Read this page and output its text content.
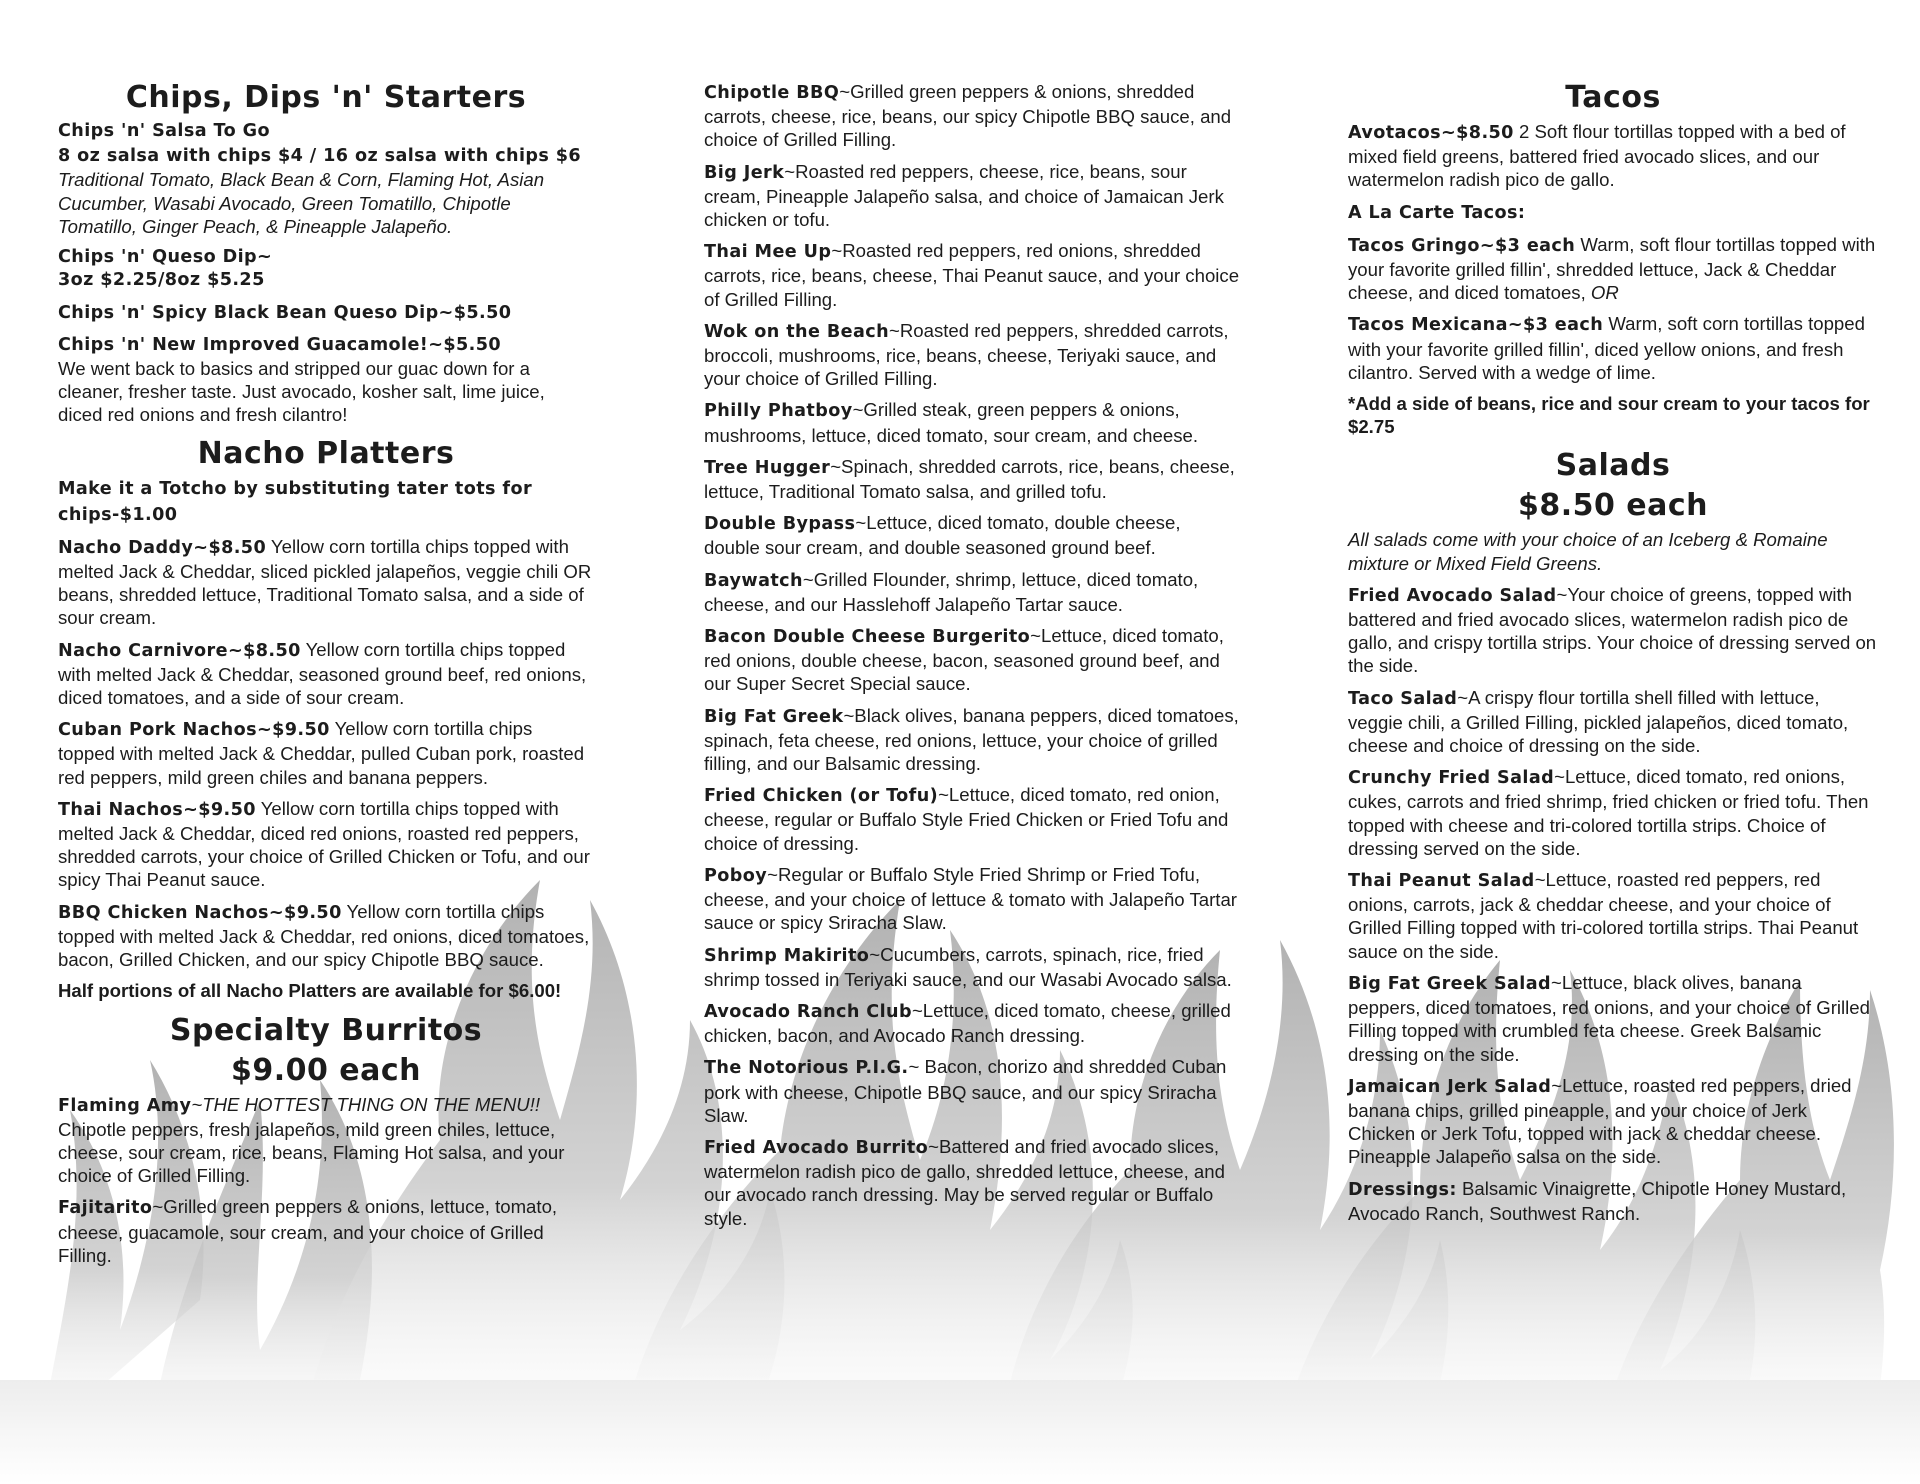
Chips, Dips 'n' Starters
Chips 'n' Salsa To Go
8 oz salsa with chips $4 / 16 oz salsa with chips $6 Traditional Tomato, Black Bean & Corn, Flaming Hot, Asian Cucumber, Wasabi Avocado, Green Tomatillo, Chipotle Tomatillo, Ginger Peach, & Pineapple Jalapeño.
Chips 'n' Queso Dip~
3oz $2.25/8oz $5.25
Chips 'n' Spicy Black Bean Queso Dip~$5.50
Chips 'n' New Improved Guacamole!~$5.50
We went back to basics and stripped our guac down for a cleaner, fresher taste. Just avocado, kosher salt, lime juice, diced red onions and fresh cilantro!
Nacho Platters
Make it a Totcho by substituting tater tots for chips-$1.00
Nacho Daddy~$8.50 Yellow corn tortilla chips topped with melted Jack & Cheddar, sliced pickled jalapeños, veggie chili OR beans, shredded lettuce, Traditional Tomato salsa, and a side of sour cream.
Nacho Carnivore~$8.50 Yellow corn tortilla chips topped with melted Jack & Cheddar, seasoned ground beef, red onions, diced tomatoes, and a side of sour cream.
Cuban Pork Nachos~$9.50 Yellow corn tortilla chips topped with melted Jack & Cheddar, pulled Cuban pork, roasted red peppers, mild green chiles and banana peppers.
Thai Nachos~$9.50 Yellow corn tortilla chips topped with melted Jack & Cheddar, diced red onions, roasted red peppers, shredded carrots, your choice of Grilled Chicken or Tofu, and our spicy Thai Peanut sauce.
BBQ Chicken Nachos~$9.50 Yellow corn tortilla chips topped with melted Jack & Cheddar, red onions, diced tomatoes, bacon, Grilled Chicken, and our spicy Chipotle BBQ sauce.
Half portions of all Nacho Platters are available for $6.00!
Specialty Burritos
$9.00 each
Flaming Amy~THE HOTTEST THING ON THE MENU!! Chipotle peppers, fresh jalapeños, mild green chiles, lettuce, cheese, sour cream, rice, beans, Flaming Hot salsa, and your choice of Grilled Filling.
Fajitarito~Grilled green peppers & onions, lettuce, tomato, cheese, guacamole, sour cream, and your choice of Grilled Filling.
Chipotle BBQ~Grilled green peppers & onions, shredded carrots, cheese, rice, beans, our spicy Chipotle BBQ sauce, and choice of Grilled Filling.
Big Jerk~Roasted red peppers, cheese, rice, beans, sour cream, Pineapple Jalapeño salsa, and choice of Jamaican Jerk chicken or tofu.
Thai Mee Up~Roasted red peppers, red onions, shredded carrots, rice, beans, cheese, Thai Peanut sauce, and your choice of Grilled Filling.
Wok on the Beach~Roasted red peppers, shredded carrots, broccoli, mushrooms, rice, beans, cheese, Teriyaki sauce, and your choice of Grilled Filling.
Philly Phatboy~Grilled steak, green peppers & onions, mushrooms, lettuce, diced tomato, sour cream, and cheese.
Tree Hugger~Spinach, shredded carrots, rice, beans, cheese, lettuce, Traditional Tomato salsa, and grilled tofu.
Double Bypass~Lettuce, diced tomato, double cheese, double sour cream, and double seasoned ground beef.
Baywatch~Grilled Flounder, shrimp, lettuce, diced tomato, cheese, and our Hasslehoff Jalapeño Tartar sauce.
Bacon Double Cheese Burgerito~Lettuce, diced tomato, red onions, double cheese, bacon, seasoned ground beef, and our Super Secret Special sauce.
Big Fat Greek~Black olives, banana peppers, diced tomatoes, spinach, feta cheese, red onions, lettuce, your choice of grilled filling, and our Balsamic dressing.
Fried Chicken (or Tofu)~Lettuce, diced tomato, red onion, cheese, regular or Buffalo Style Fried Chicken or Fried Tofu and choice of dressing.
Poboy~Regular or Buffalo Style Fried Shrimp or Fried Tofu, cheese, and your choice of lettuce & tomato with Jalapeño Tartar sauce or spicy Sriracha Slaw.
Shrimp Makirito~Cucumbers, carrots, spinach, rice, fried shrimp tossed in Teriyaki sauce, and our Wasabi Avocado salsa.
Avocado Ranch Club~Lettuce, diced tomato, cheese, grilled chicken, bacon, and Avocado Ranch dressing.
The Notorious P.I.G.~ Bacon, chorizo and shredded Cuban pork with cheese, Chipotle BBQ sauce, and our spicy Sriracha Slaw.
Fried Avocado Burrito~Battered and fried avocado slices, watermelon radish pico de gallo, shredded lettuce, cheese, and our avocado ranch dressing. May be served regular or Buffalo style.
Tacos
Avotacos~$8.50 2 Soft flour tortillas topped with a bed of mixed field greens, battered fried avocado slices, and our watermelon radish pico de gallo.
A La Carte Tacos:
Tacos Gringo~$3 each Warm, soft flour tortillas topped with your favorite grilled fillin', shredded lettuce, Jack & Cheddar cheese, and diced tomatoes, OR
Tacos Mexicana~$3 each Warm, soft corn tortillas topped with your favorite grilled fillin', diced yellow onions, and fresh cilantro. Served with a wedge of lime.
*Add a side of beans, rice and sour cream to your tacos for $2.75
Salads
$8.50 each
All salads come with your choice of an Iceberg & Romaine mixture or Mixed Field Greens.
Fried Avocado Salad~Your choice of greens, topped with battered and fried avocado slices, watermelon radish pico de gallo, and crispy tortilla strips. Your choice of dressing served on the side.
Taco Salad~A crispy flour tortilla shell filled with lettuce, veggie chili, a Grilled Filling, pickled jalapeños, diced tomato, cheese and choice of dressing on the side.
Crunchy Fried Salad~Lettuce, diced tomato, red onions, cukes, carrots and fried shrimp, fried chicken or fried tofu. Then topped with cheese and tri-colored tortilla strips. Choice of dressing served on the side.
Thai Peanut Salad~Lettuce, roasted red peppers, red onions, carrots, jack & cheddar cheese, and your choice of Grilled Filling topped with tri-colored tortilla strips. Thai Peanut sauce on the side.
Big Fat Greek Salad~Lettuce, black olives, banana peppers, diced tomatoes, red onions, and your choice of Grilled Filling topped with crumbled feta cheese. Greek Balsamic dressing on the side.
Jamaican Jerk Salad~Lettuce, roasted red peppers, dried banana chips, grilled pineapple, and your choice of Jerk Chicken or Jerk Tofu, topped with jack & cheddar cheese. Pineapple Jalapeño salsa on the side.
Dressings: Balsamic Vinaigrette, Chipotle Honey Mustard, Avocado Ranch, Southwest Ranch.
